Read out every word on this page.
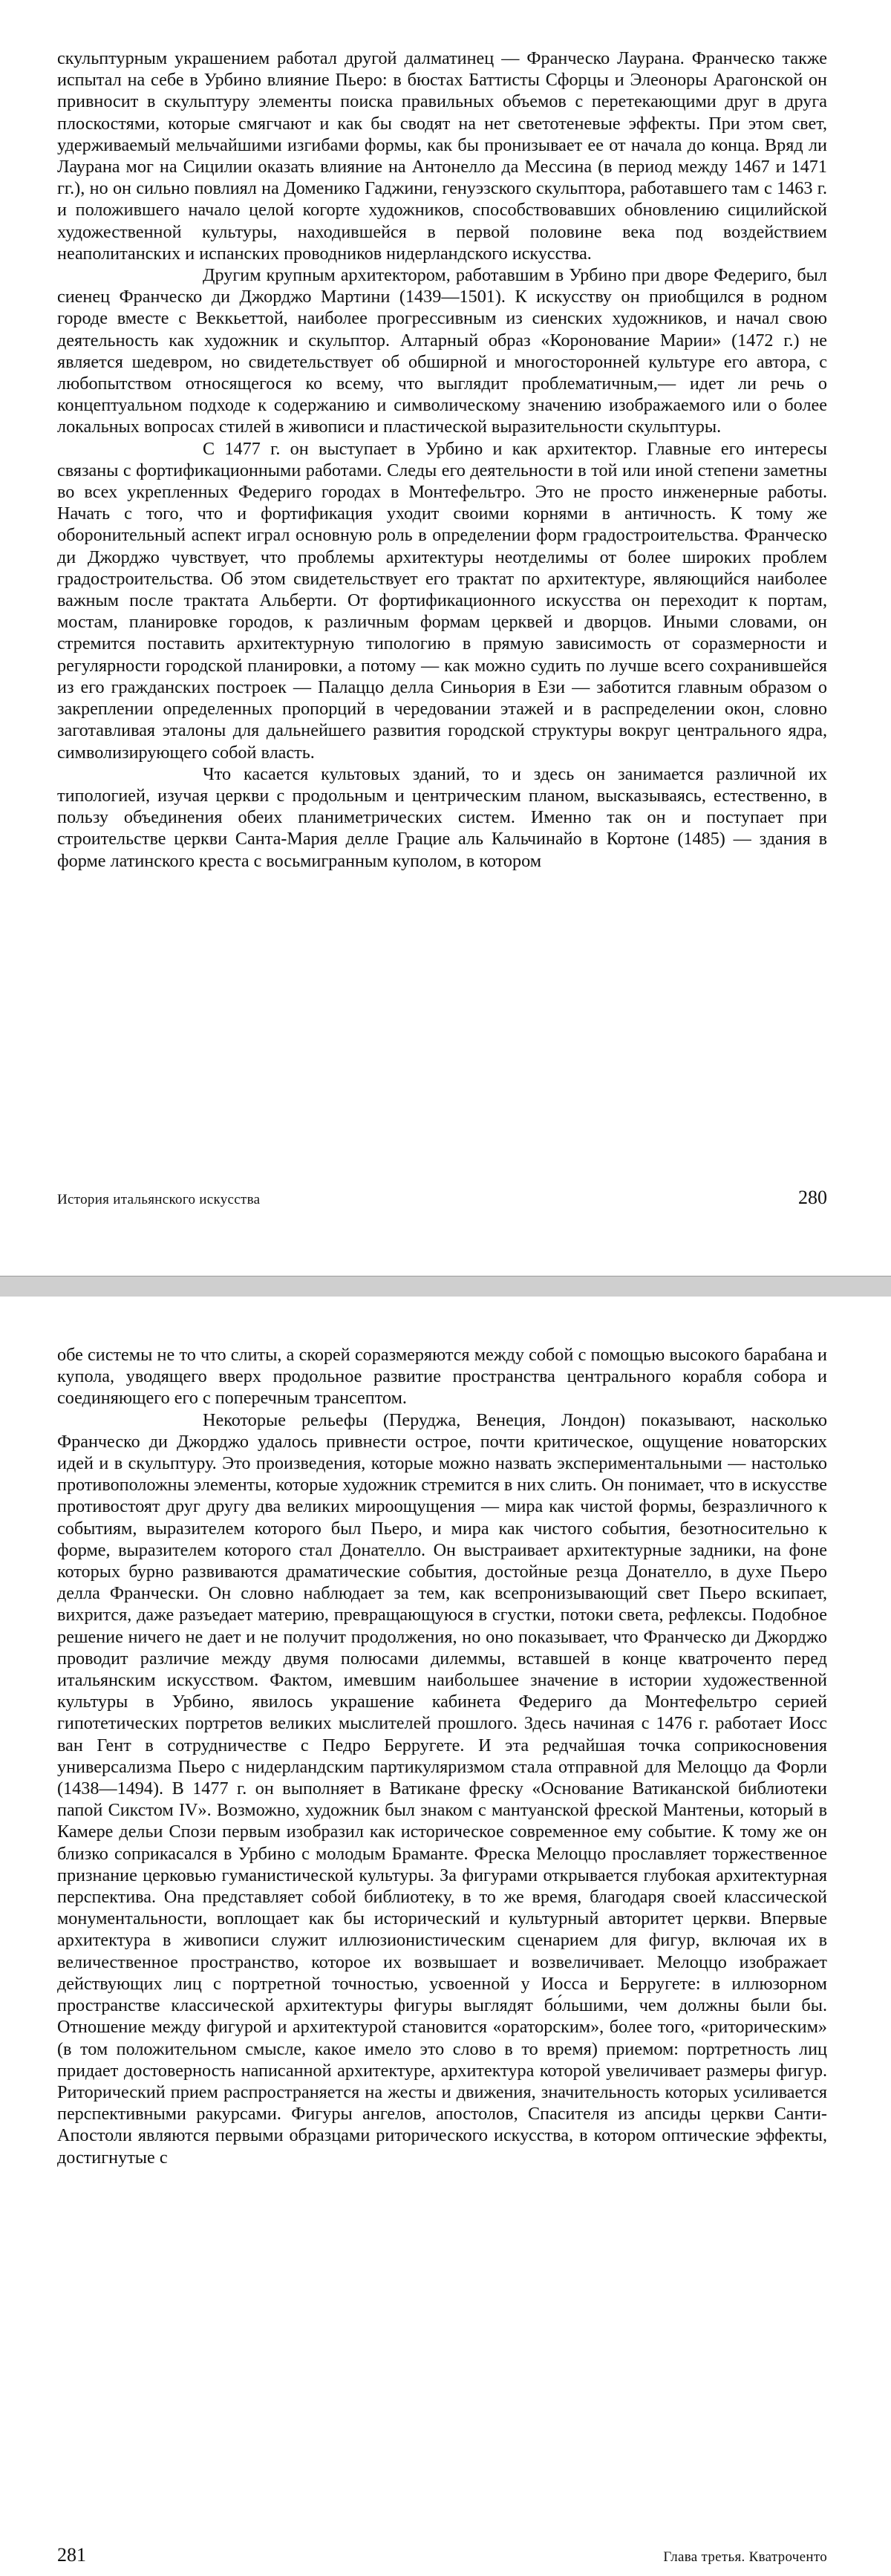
скульптурным украшением работал другой далматинец — Франческо Лаурана. Франческо также испытал на себе в Урбино влияние Пьеро: в бюстах Баттисты Сфорцы и Элеоноры Арагонской он привносит в скульптуру элементы поиска правильных объемов с перетекающими друг в друга плоскостями, которые смягчают и как бы сводят на нет светотеневые эффекты. При этом свет, удерживаемый мельчайшими изгибами формы, как бы пронизывает ее от начала до конца. Вряд ли Лаурана мог на Сицилии оказать влияние на Антонелло да Мессина (в период между 1467 и 1471 гг.), но он сильно повлиял на Доменико Гаджини, генуэзского скульптора, работавшего там с 1463 г. и положившего начало целой когорте художников, способствовавших обновлению сицилийской художественной культуры, находившейся в первой половине века под воздействием неаполитанских и испанских проводников нидерландского искусства.

Другим крупным архитектором, работавшим в Урбино при дворе Федериго, был сиенец Франческо ди Джорджо Мартини (1439—1501). К искусству он приобщился в родном городе вместе с Веккьеттой, наиболее прогрессивным из сиенских художников, и начал свою деятельность как художник и скульптор. Алтарный образ «Коронование Марии» (1472 г.) не является шедевром, но свидетельствует об обширной и многосторонней культуре его автора, с любопытством относящегося ко всему, что выглядит проблематичным,— идет ли речь о концептуальном подходе к содержанию и символическому значению изображаемого или о более локальных вопросах стилей в живописи и пластической выразительности скульптуры.

С 1477 г. он выступает в Урбино и как архитектор. Главные его интересы связаны с фортификационными работами. Следы его деятельности в той или иной степени заметны во всех укрепленных Федериго городах в Монтефельтро. Это не просто инженерные работы. Начать с того, что и фортификация уходит своими корнями в античность. К тому же оборонительный аспект играл основную роль в определении форм градостроительства. Франческо ди Джорджо чувствует, что проблемы архитектуры неотделимы от более широких проблем градостроительства. Об этом свидетельствует его трактат по архитектуре, являющийся наиболее важным после трактата Альберти. От фортификационного искусства он переходит к портам, мостам, планировке городов, к различным формам церквей и дворцов. Иными словами, он стремится поставить архитектурную типологию в прямую зависимость от соразмерности и регулярности городской планировки, а потому — как можно судить по лучше всего сохранившейся из его гражданских построек — Палаццо делла Синьория в Ези — заботится главным образом о закреплении определенных пропорций в чередовании этажей и в распределении окон, словно заготавливая эталоны для дальнейшего развития городской структуры вокруг центрального ядра, символизирующего собой власть.

Что касается культовых зданий, то и здесь он занимается различной их типологией, изучая церкви с продольным и центрическим планом, высказываясь, естественно, в пользу объединения обеих планиметрических систем. Именно так он и поступает при строительстве церкви Санта-Мария делле Грацие аль Кальчинайо в Кортоне (1485) — здания в форме латинского креста с восьмигранным куполом, в котором

История итальянского искусства	280

обе системы не то что слиты, а скорей соразмеряются между собой с помощью высокого барабана и купола, уводящего вверх продольное развитие пространства центрального корабля собора и соединяющего его с поперечным трансептом.

Некоторые рельефы (Перуджа, Венеция, Лондон) показывают, насколько Франческо ди Джорджо удалось привнести острое, почти критическое, ощущение новаторских идей и в скульптуру. Это произведения, которые можно назвать экспериментальными — настолько противоположны элементы, которые художник стремится в них слить. Он понимает, что в искусстве противостоят друг другу два великих мироощущения — мира как чистой формы, безразличного к событиям, выразителем которого был Пьеро, и мира как чистого события, безотносительно к форме, выразителем которого стал Донателло. Он выстраивает архитектурные задники, на фоне которых бурно развиваются драматические события, достойные резца Донателло, в духе Пьеро делла Франчески. Он словно наблюдает за тем, как всепронизывающий свет Пьеро вскипает, вихрится, даже разъедает материю, превращающуюся в сгустки, потоки света, рефлексы. Подобное решение ничего не дает и не получит продолжения, но оно показывает, что Франческо ди Джорджо проводит различие между двумя полюсами дилеммы, вставшей в конце кватроченто перед итальянским искусством. Фактом, имевшим наибольшее значение в истории художественной культуры в Урбино, явилось украшение кабинета Федериго да Монтефельтро серией гипотетических портретов великих мыслителей прошлого. Здесь начиная с 1476 г. работает Иосс ван Гент в сотрудничестве с Педро Берругете. И эта редчайшая точка соприкосновения универсализма Пьеро с нидерландским партикуляризмом стала отправной для Мелоццо да Форли (1438—1494). В 1477 г. он выполняет в Ватикане фреску «Основание Ватиканской библиотеки папой Сикстом IV». Возможно, художник был знаком с мантуанской фреской Мантеньи, который в Камере дельи Спози первым изобразил как историческое современное ему событие. К тому же он близко соприкасался в Урбино с молодым Браманте. Фреска Мелоццо прославляет торжественное признание церковью гуманистической культуры. За фигурами открывается глубокая архитектурная перспектива. Она представляет собой библиотеку, в то же время, благодаря своей классической монументальности, воплощает как бы исторический и культурный авторитет церкви. Впервые архитектура в живописи служит иллюзионистическим сценарием для фигур, включая их в величественное пространство, которое их возвышает и возвеличивает. Мелоццо изображает действующих лиц с портретной точностью, усвоенной у Иосса и Берругете: в иллюзорном пространстве классической архитектуры фигуры выглядят бо́льшими, чем должны были бы. Отношение между фигурой и архитектурой становится «ораторским», более того, «риторическим» (в том положительном смысле, какое имело это слово в то время) приемом: портретность лиц придает достоверность написанной архитектуре, архитектура которой увеличивает размеры фигур. Риторический прием распространяется на жесты и движения, значительность которых усиливается перспективными ракурсами. Фигуры ангелов, апостолов, Спасителя из апсиды церкви Санти-Апостоли являются первыми образцами риторического искусства, в котором оптические эффекты, достигнутые с

281	Глава третья. Кватроченто
